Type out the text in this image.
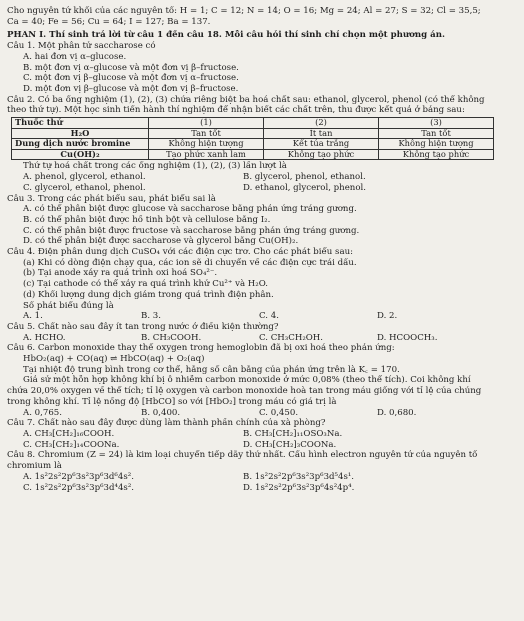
Cho nguyên tử khối của các nguyên tố: H = 1; C = 12; N = 14; O = 16; Mg = 24; Al = 27; S = 32; Cl = 35,5;
Ca = 40; Fe = 56; Cu = 64; I = 127; Ba = 137.
PHẦN I. Thí sinh trả lời từ câu 1 đến câu 18. Mỗi câu hỏi thí sinh chỉ chọn một phương án.
Câu 1. Một phân tử saccharose có
A. hai đơn vị α–glucose.
B. một đơn vị α–glucose và một đơn vị β–fructose.
C. một đơn vị β–glucose và một đơn vị α–fructose.
D. một đơn vị β–glucose và một đơn vị β–fructose.
Câu 2. Có ba ống nghiệm (1), (2), (3) chứa riêng biệt ba hoá chất sau: ethanol, glycerol, phenol (có thể không
theo thứ tự). Một học sinh tiến hành thí nghiệm để nhận biết các chất trên, thu được kết quả ở bảng sau:
Thuốc thử	(1)	(2)	(3)
H₂O	Tan tốt	Ít tan	Tan tốt
Dung dịch nước bromine	Không hiện tượng	Kết tủa trắng	Không hiện tượng
Cu(OH)₂	Tạo phức xanh lam	Không tạo phức	Không tạo phức
Thứ tự hoá chất trong các ống nghiệm (1), (2), (3) lần lượt là
A. phenol, glycerol, ethanol.	B. glycerol, phenol, ethanol.
C. glycerol, ethanol, phenol.	D. ethanol, glycerol, phenol.
Câu 3. Trong các phát biểu sau, phát biểu sai là
A. có thể phân biệt được glucose và saccharose bằng phản ứng tráng gương.
B. có thể phân biệt được hồ tinh bột và cellulose bằng I₂.
C. có thể phân biệt được fructose và saccharose bằng phản ứng tráng gương.
D. có thể phân biệt được saccharose và glycerol bằng Cu(OH)₂.
Câu 4. Điện phân dung dịch CuSO₄ với các điện cực trơ. Cho các phát biểu sau:
(a) Khi có dòng điện chạy qua, các ion sẽ di chuyển về các điện cực trái dấu.
(b) Tại anode xảy ra quá trình oxi hoá SO₄²⁻.
(c) Tại cathode có thể xảy ra quá trình khử Cu²⁺ và H₂O.
(d) Khối lượng dung dịch giảm trong quá trình điện phân.
Số phát biểu đúng là
A. 1.	B. 3.	C. 4.	D. 2.
Câu 5. Chất nào sau đây ít tan trong nước ở điều kiện thường?
A. HCHO.	B. CH₃COOH.	C. CH₃CH₂OH.	D. HCOOCH₃.
Câu 6. Carbon monoxide thay thế oxygen trong hemoglobin đã bị oxi hoá theo phản ứng:
HbO₂(aq) + CO(aq) ⇌ HbCO(aq) + O₂(aq)
Tại nhiệt độ trung bình trong cơ thể, hằng số cân bằng của phản ứng trên là K꜀ = 170.
Giả sử một hỗn hợp không khí bị ô nhiễm carbon monoxide ở mức 0,08% (theo thể tích). Coi không khí
chứa 20,0% oxygen về thể tích; tỉ lệ oxygen và carbon monoxide hoà tan trong máu giống với tỉ lệ của chúng
trong không khí. Tỉ lệ nồng độ [HbCO] so với [HbO₂] trong máu có giá trị là
A. 0,765.	B. 0,400.	C. 0,450.	D. 0,680.
Câu 7. Chất nào sau đây được dùng làm thành phần chính của xà phòng?
A. CH₃[CH₂]₁₆COOH.	B. CH₃[CH₂]₁₁OSO₃Na.
C. CH₃[CH₂]₁₄COONa.	D. CH₃[CH₂]₃COONa.
Câu 8. Chromium (Z = 24) là kim loại chuyển tiếp dãy thứ nhất. Cấu hình electron nguyên tử của nguyên tố
chromium là
A. 1s²2s²2p⁶3s²3p⁶3d⁶4s².	B. 1s²2s²2p⁶3s²3p⁶3d⁵4s¹.
C. 1s²2s²2p⁶3s²3p⁶3d⁴4s².	D. 1s²2s²2p⁶3s²3p⁶4s²4p⁴.
